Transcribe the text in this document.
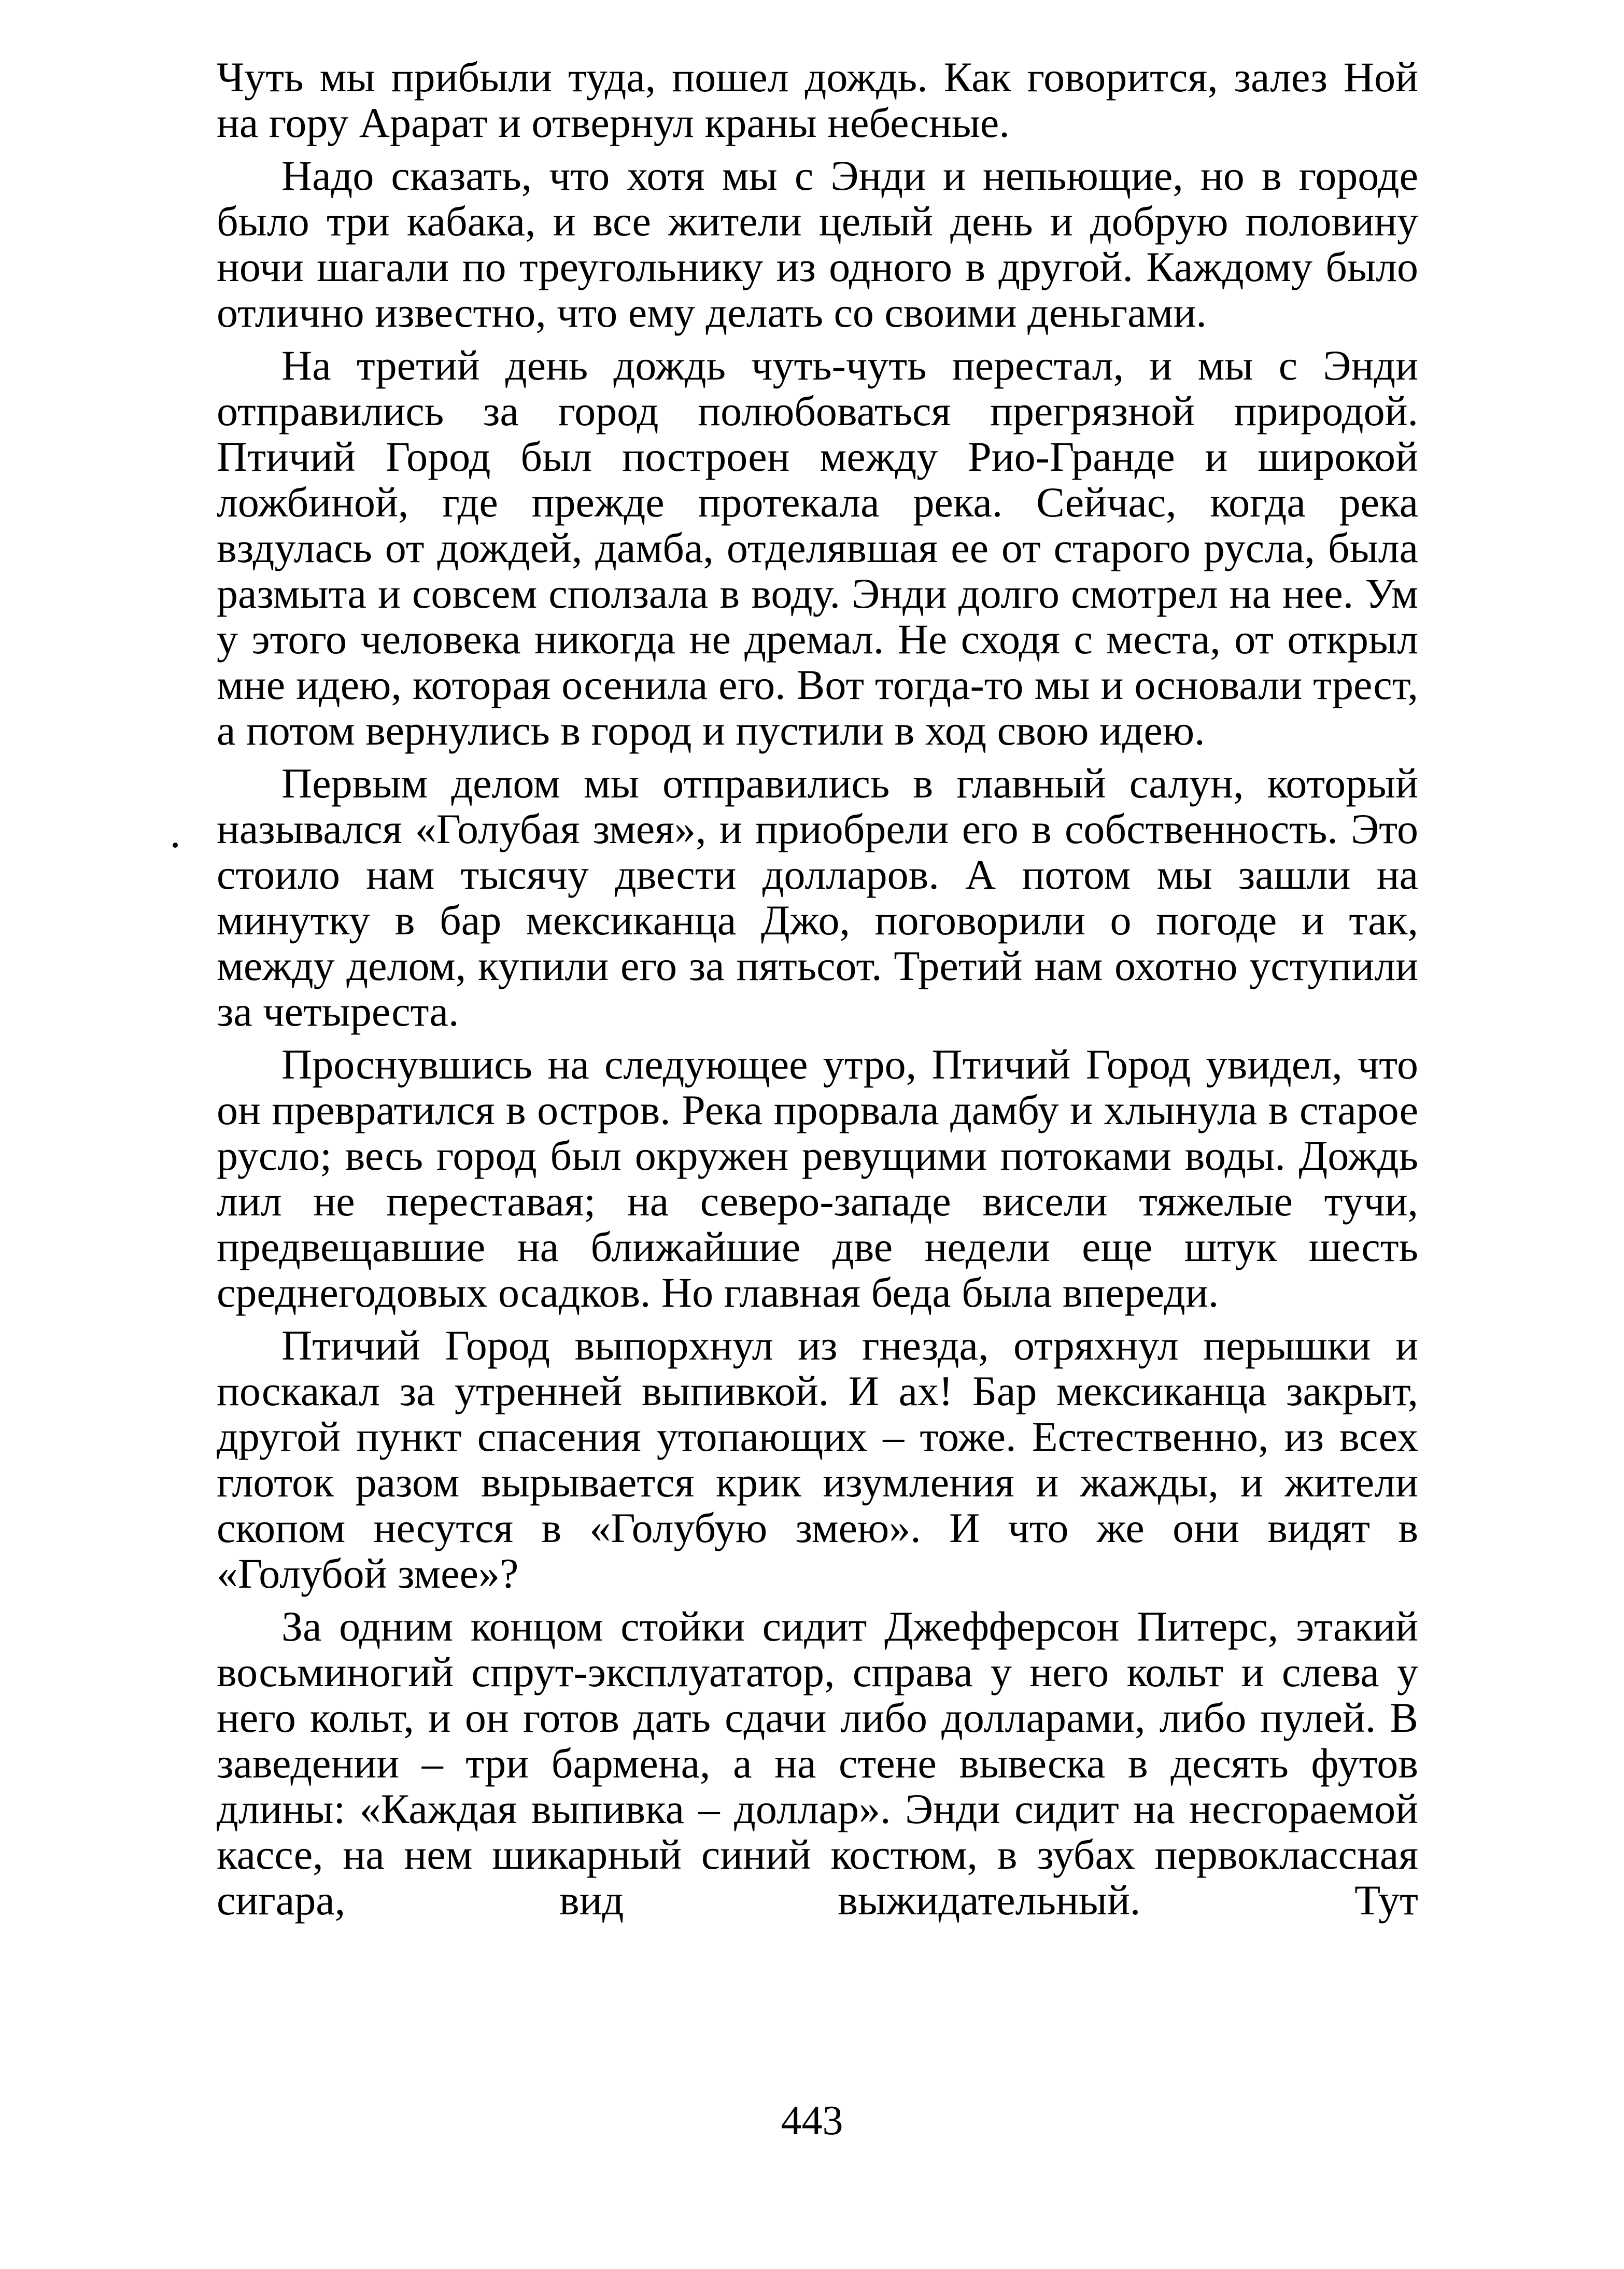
Чуть мы прибыли туда, пошел дождь. Как говорится, залез Ной на гору Арарат и отвернул краны небесные.

Надо сказать, что хотя мы с Энди и непьющие, но в городе было три кабака, и все жители целый день и добрую половину ночи шагали по треугольнику из одного в другой. Каждому было отлично известно, что ему делать со своими деньгами.

На третий день дождь чуть-чуть перестал, и мы с Энди отправились за город полюбоваться прегрязной природой. Птичий Город был построен между Рио-Гранде и широкой ложбиной, где прежде протекала река. Сейчас, когда река вздулась от дождей, дамба, отделявшая ее от старого русла, была размыта и совсем сползала в воду. Энди долго смотрел на нее. Ум у этого человека никогда не дремал. Не сходя с места, от открыл мне идею, которая осенила его. Вот тогда-то мы и основали трест, а потом вернулись в город и пустили в ход свою идею.

Первым делом мы отправились в главный салун, который назывался «Голубая змея», и приобрели его в собственность. Это стоило нам тысячу двести долларов. А потом мы зашли на минутку в бар мексиканца Джо, поговорили о погоде и так, между делом, купили его за пятьсот. Третий нам охотно уступили за четыреста.

Проснувшись на следующее утро, Птичий Город увидел, что он превратился в остров. Река прорвала дамбу и хлынула в старое русло; весь город был окружен ревущими потоками воды. Дождь лил не переставая; на северо-западе висели тяжелые тучи, предвещавшие на ближайшие две недели еще штук шесть среднегодовых осадков. Но главная беда была впереди.

Птичий Город выпорхнул из гнезда, отряхнул перышки и поскакал за утренней выпивкой. И ах! Бар мексиканца закрыт, другой пункт спасения утопающих – тоже. Естественно, из всех глоток разом вырывается крик изумления и жажды, и жители скопом несутся в «Голубую змею». И что же они видят в «Голубой змее»?

За одним концом стойки сидит Джефферсон Питерс, этакий восьминогий спрут-эксплуататор, справа у него кольт и слева у него кольт, и он готов дать сдачи либо долларами, либо пулей. В заведении – три бармена, а на стене вывеска в десять футов длины: «Каждая выпивка – доллар». Энди сидит на несгораемой кассе, на нем шикарный синий костюм, в зубах первоклассная сигара, вид выжидательный. Тут

443
